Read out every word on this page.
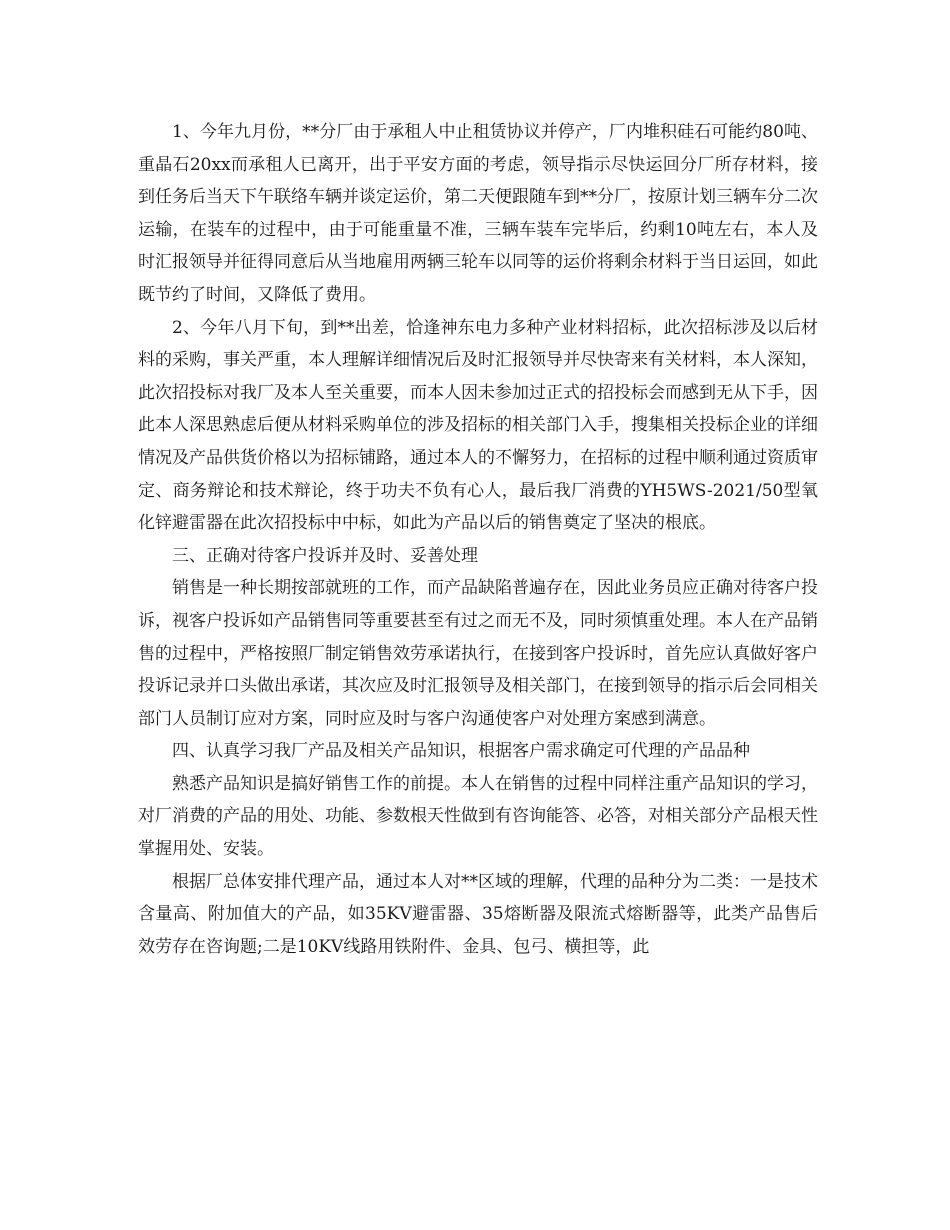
1、今年九月份，**分厂由于承租人中止租赁协议并停产，厂内堆积硅石可能约80吨、重晶石20xx而承租人已离开，出于平安方面的考虑，领导指示尽快运回分厂所存材料，接到任务后当天下午联络车辆并谈定运价，第二天便跟随车到**分厂，按原计划三辆车分二次运输，在装车的过程中，由于可能重量不准，三辆车装车完毕后，约剩10吨左右，本人及时汇报领导并征得同意后从当地雇用两辆三轮车以同等的运价将剩余材料于当日运回，如此既节约了时间，又降低了费用。

2、今年八月下旬，到**出差，恰逢神东电力多种产业材料招标，此次招标涉及以后材料的采购，事关严重，本人理解详细情况后及时汇报领导并尽快寄来有关材料，本人深知，此次招投标对我厂及本人至关重要，而本人因未参加过正式的招投标会而感到无从下手，因此本人深思熟虑后便从材料采购单位的涉及招标的相关部门入手，搜集相关投标企业的详细情况及产品供货价格以为招标铺路，通过本人的不懈努力，在招标的过程中顺利通过资质审定、商务辩论和技术辩论，终于功夫不负有心人，最后我厂消费的YH5WS-2021/50型氧化锌避雷器在此次招投标中中标，如此为产品以后的销售奠定了坚决的根底。

三、正确对待客户投诉并及时、妥善处理

销售是一种长期按部就班的工作，而产品缺陷普遍存在，因此业务员应正确对待客户投诉，视客户投诉如产品销售同等重要甚至有过之而无不及，同时须慎重处理。本人在产品销售的过程中，严格按照厂制定销售效劳承诺执行，在接到客户投诉时，首先应认真做好客户投诉记录并口头做出承诺，其次应及时汇报领导及相关部门，在接到领导的指示后会同相关部门人员制订应对方案，同时应及时与客户沟通使客户对处理方案感到满意。

四、认真学习我厂产品及相关产品知识，根据客户需求确定可代理的产品品种

熟悉产品知识是搞好销售工作的前提。本人在销售的过程中同样注重产品知识的学习，对厂消费的产品的用处、功能、参数根天性做到有咨询能答、必答，对相关部分产品根天性掌握用处、安装。

根据厂总体安排代理产品，通过本人对**区域的理解，代理的品种分为二类：一是技术含量高、附加值大的产品，如35KV避雷器、35熔断器及限流式熔断器等，此类产品售后效劳存在咨询题;二是10KV线路用铁附件、金具、包弓、横担等，此
